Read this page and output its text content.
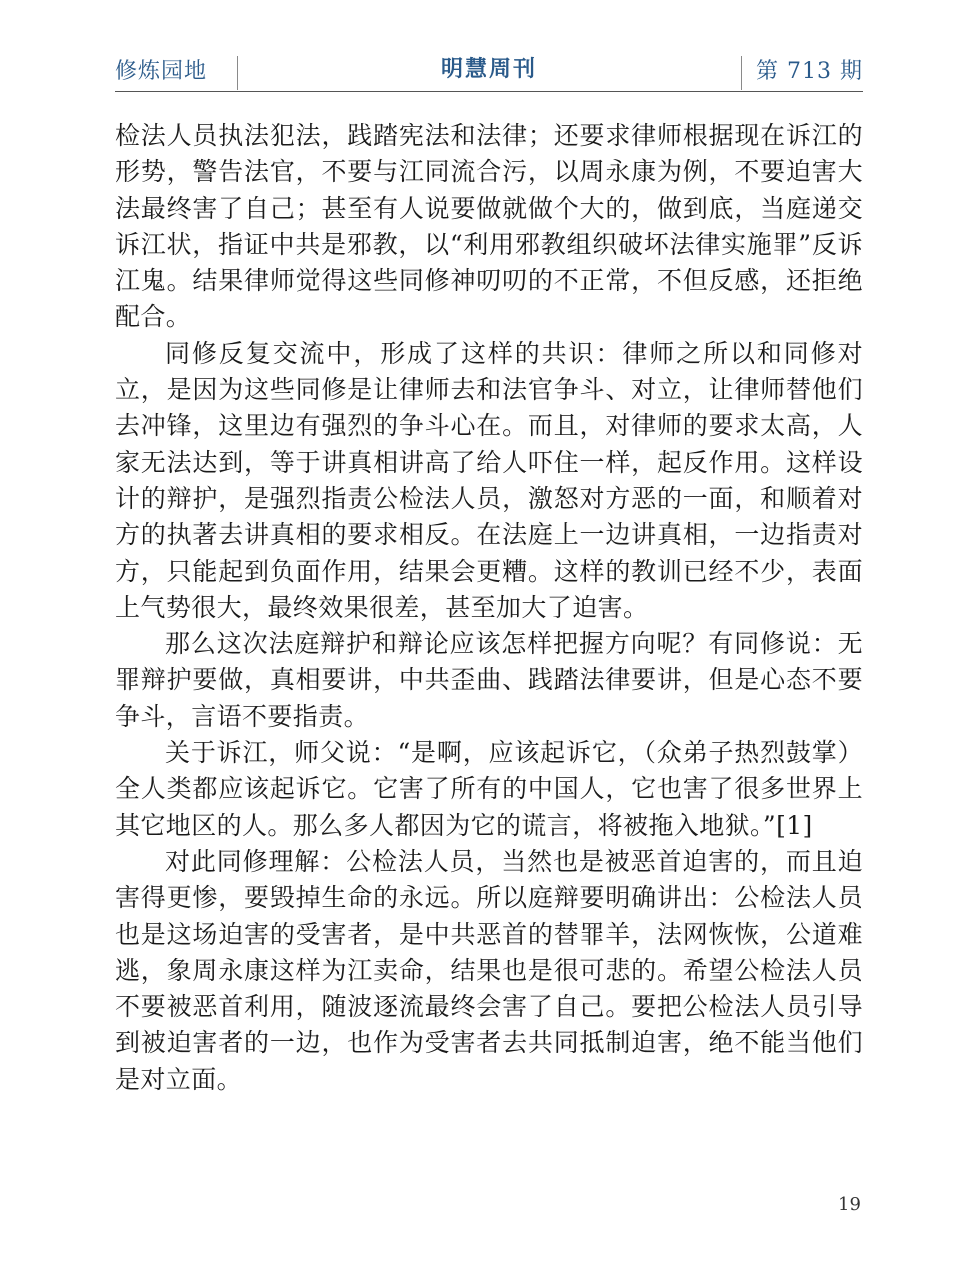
修炼园地	明慧周刊	第 713 期

检法人员执法犯法，践踏宪法和法律；还要求律师根据现在诉江的形势，警告法官，不要与江同流合污，以周永康为例，不要迫害大法最终害了自己；甚至有人说要做就做个大的，做到底，当庭递交诉江状，指证中共是邪教，以“利用邪教组织破坏法律实施罪”反诉江鬼。结果律师觉得这些同修神叨叨的不正常，不但反感，还拒绝配合。

同修反复交流中，形成了这样的共识：律师之所以和同修对立，是因为这些同修是让律师去和法官争斗、对立，让律师替他们去冲锋，这里边有强烈的争斗心在。而且，对律师的要求太高，人家无法达到，等于讲真相讲高了给人吓住一样，起反作用。这样设计的辩护，是强烈指责公检法人员，激怒对方恶的一面，和顺着对方的执著去讲真相的要求相反。在法庭上一边讲真相，一边指责对方，只能起到负面作用，结果会更糟。这样的教训已经不少，表面上气势很大，最终效果很差，甚至加大了迫害。

那么这次法庭辩护和辩论应该怎样把握方向呢？有同修说：无罪辩护要做，真相要讲，中共歪曲、践踏法律要讲，但是心态不要争斗，言语不要指责。

关于诉江，师父说：“是啊，应该起诉它，（众弟子热烈鼓掌）全人类都应该起诉它。它害了所有的中国人，它也害了很多世界上其它地区的人。那么多人都因为它的谎言，将被拖入地狱。”[1]

对此同修理解：公检法人员，当然也是被恶首迫害的，而且迫害得更惨，要毁掉生命的永远。所以庭辩要明确讲出：公检法人员也是这场迫害的受害者，是中共恶首的替罪羊，法网恢恢，公道难逃，象周永康这样为江卖命，结果也是很可悲的。希望公检法人员不要被恶首利用，随波逐流最终会害了自己。要把公检法人员引导到被迫害者的一边，也作为受害者去共同抵制迫害，绝不能当他们是对立面。

19
